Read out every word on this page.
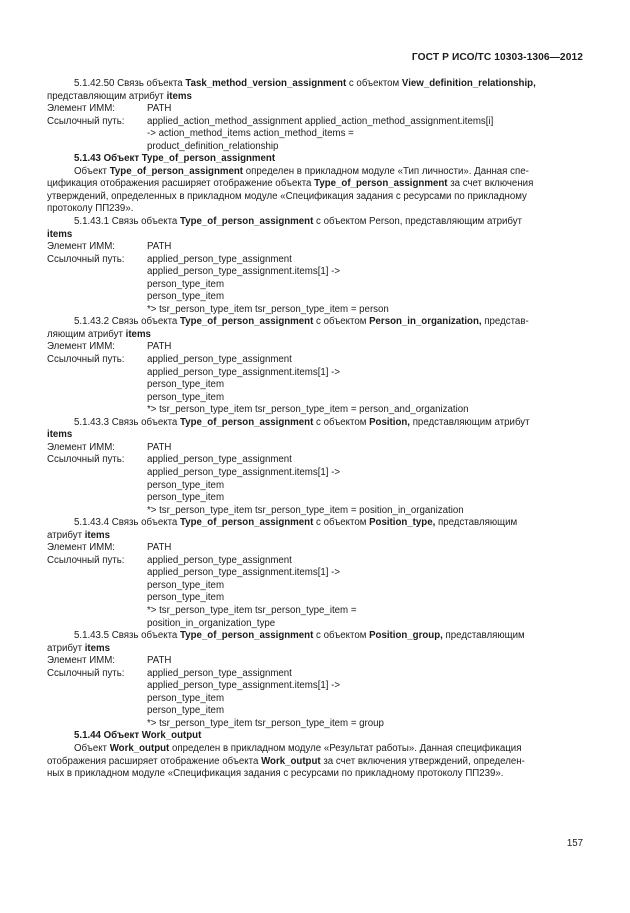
ГОСТ Р ИСО/ТС 10303-1306—2012
5.1.42.50 Связь объекта Task_method_version_assignment с объектом View_definition_relationship,
представляющим атрибут items
Элемент ИММ:	PATH
Ссылочный путь:	applied_action_method_assignment applied_action_method_assignment.items[i]
-> action_method_items action_method_items =
product_definition_relationship
5.1.43 Объект Type_of_person_assignment
Объект Type_of_person_assignment определен в прикладном модуле «Тип личности». Данная спе-
цификация отображения расширяет отображение объекта Type_of_person_assignment за счет включения
утверждений, определенных в прикладном модуле «Спецификация задания с ресурсами по прикладному
протоколу ПП239».
5.1.43.1 Связь объекта Type_of_person_assignment с объектом Person, представляющим атрибут
items
Элемент ИММ:	PATH
Ссылочный путь:	applied_person_type_assignment
applied_person_type_assignment.items[1] ->
person_type_item
person_type_item
*> tsr_person_type_item tsr_person_type_item = person
5.1.43.2 Связь объекта Type_of_person_assignment с объектом Person_in_organization, представ-
ляющим атрибут items
Элемент ИММ:	PATH
Ссылочный путь:	applied_person_type_assignment
applied_person_type_assignment.items[1] ->
person_type_item
person_type_item
*> tsr_person_type_item tsr_person_type_item = person_and_organization
5.1.43.3 Связь объекта Type_of_person_assignment с объектом Position, представляющим атрибут
items
Элемент ИММ:	PATH
Ссылочный путь:	applied_person_type_assignment
applied_person_type_assignment.items[1] ->
person_type_item
person_type_item
*> tsr_person_type_item tsr_person_type_item = position_in_organization
5.1.43.4 Связь объекта Type_of_person_assignment с объектом Position_type, представляющим
атрибут items
Элемент ИММ:	PATH
Ссылочный путь:	applied_person_type_assignment
applied_person_type_assignment.items[1] ->
person_type_item
person_type_item
*> tsr_person_type_item tsr_person_type_item =
position_in_organization_type
5.1.43.5 Связь объекта Type_of_person_assignment с объектом Position_group, представляющим
атрибут items
Элемент ИММ:	PATH
Ссылочный путь:	applied_person_type_assignment
applied_person_type_assignment.items[1] ->
person_type_item
person_type_item
*> tsr_person_type_item tsr_person_type_item = group
5.1.44 Объект Work_output
Объект Work_output определен в прикладном модуле «Результат работы». Данная спецификация
отображения расширяет отображение объекта Work_output за счет включения утверждений, определен-
ных в прикладном модуле «Спецификация задания с ресурсами по прикладному протоколу ПП239».
157
